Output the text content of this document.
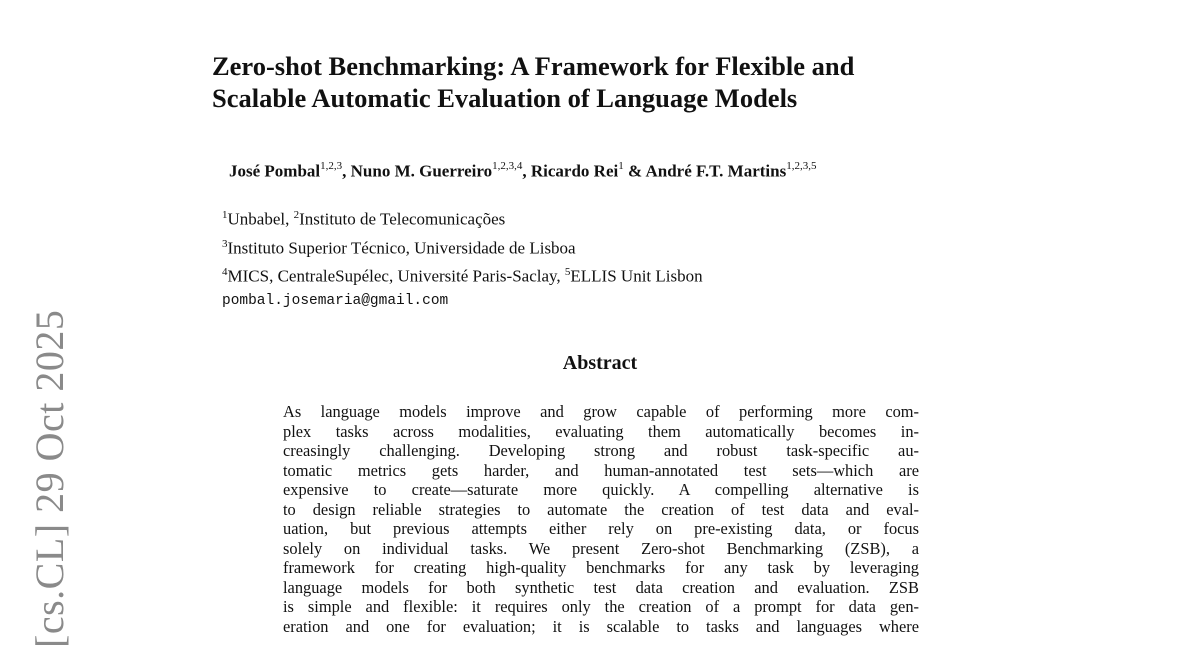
[cs.CL] 29 Oct 2025
Zero-shot Benchmarking: A Framework for Flexible and
Scalable Automatic Evaluation of Language Models
José Pombal$^{1,2,3}$, Nuno M. Guerreiro$^{1,2,3,4}$, Ricardo Rei$^1$ & André F.T. Martins$^{1,2,3,5}$
$^1$Unbabel, $^2$Instituto de Telecomunicações
$^3$Instituto Superior Técnico, Universidade de Lisboa
$^4$MICS, CentraleSupélec, Université Paris-Saclay, $^5$ELLIS Unit Lisbon
pombal.josemaria@gmail.com
Abstract
As language models improve and grow capable of performing more com-
plex tasks across modalities, evaluating them automatically becomes in-
creasingly challenging. Developing strong and robust task-specific au-
tomatic metrics gets harder, and human-annotated test sets—which are
expensive to create—saturate more quickly. A compelling alternative is
to design reliable strategies to automate the creation of test data and eval-
uation, but previous attempts either rely on pre-existing data, or focus
solely on individual tasks. We present Zero-shot Benchmarking (ZSB), a
framework for creating high-quality benchmarks for any task by leveraging
language models for both synthetic test data creation and evaluation. ZSB
is simple and flexible: it requires only the creation of a prompt for data gen-
eration and one for evaluation; it is scalable to tasks and languages where
